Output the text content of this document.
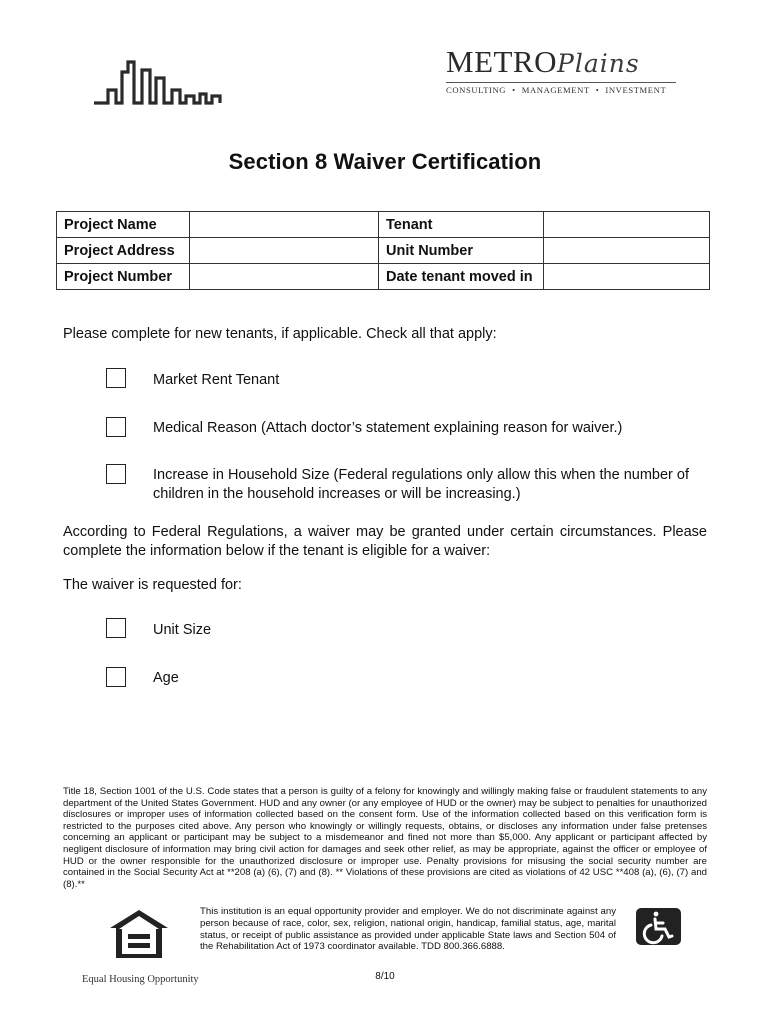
METROPlains
CONSULTING • MANAGEMENT • INVESTMENT
Section 8 Waiver Certification
Project Name		Tenant	
Project Address		Unit Number	
Project Number		Date tenant moved in	
Please complete for new tenants, if applicable. Check all that apply:
Market Rent Tenant
Medical Reason (Attach doctor’s statement explaining reason for waiver.)
Increase in Household Size (Federal regulations only allow this when the number of children in the household increases or will be increasing.)
According to Federal Regulations, a waiver may be granted under certain circumstances. Please complete the information below if the tenant is eligible for a waiver:
The waiver is requested for:
Unit Size
Age
Title 18, Section 1001 of the U.S. Code states that a person is guilty of a felony for knowingly and willingly making false or fraudulent statements to any department of the United States Government. HUD and any owner (or any employee of HUD or the owner) may be subject to penalties for unauthorized disclosures or improper uses of information collected based on the consent form. Use of the information collected based on this verification form is restricted to the purposes cited above. Any person who knowingly or willingly requests, obtains, or discloses any information under false pretenses concerning an applicant or participant may be subject to a misdemeanor and fined not more than $5,000. Any applicant or participant affected by negligent disclosure of information may bring civil action for damages and seek other relief, as may be appropriate, against the officer or employee of HUD or the owner responsible for the unauthorized disclosure or improper use. Penalty provisions for misusing the social security number are contained in the Social Security Act at **208 (a) (6), (7) and (8). ** Violations of these provisions are cited as violations of 42 USC **408 (a), (6), (7) and (8).**
Equal Housing Opportunity
This institution is an equal opportunity provider and employer. We do not discriminate against any person because of race, color, sex, religion, national origin, handicap, familial status, age, marital status, or receipt of public assistance as provided under applicable State laws and Section 504 of the Rehabilitation Act of 1973 coordinator available. TDD 800.366.6888.
8/10
